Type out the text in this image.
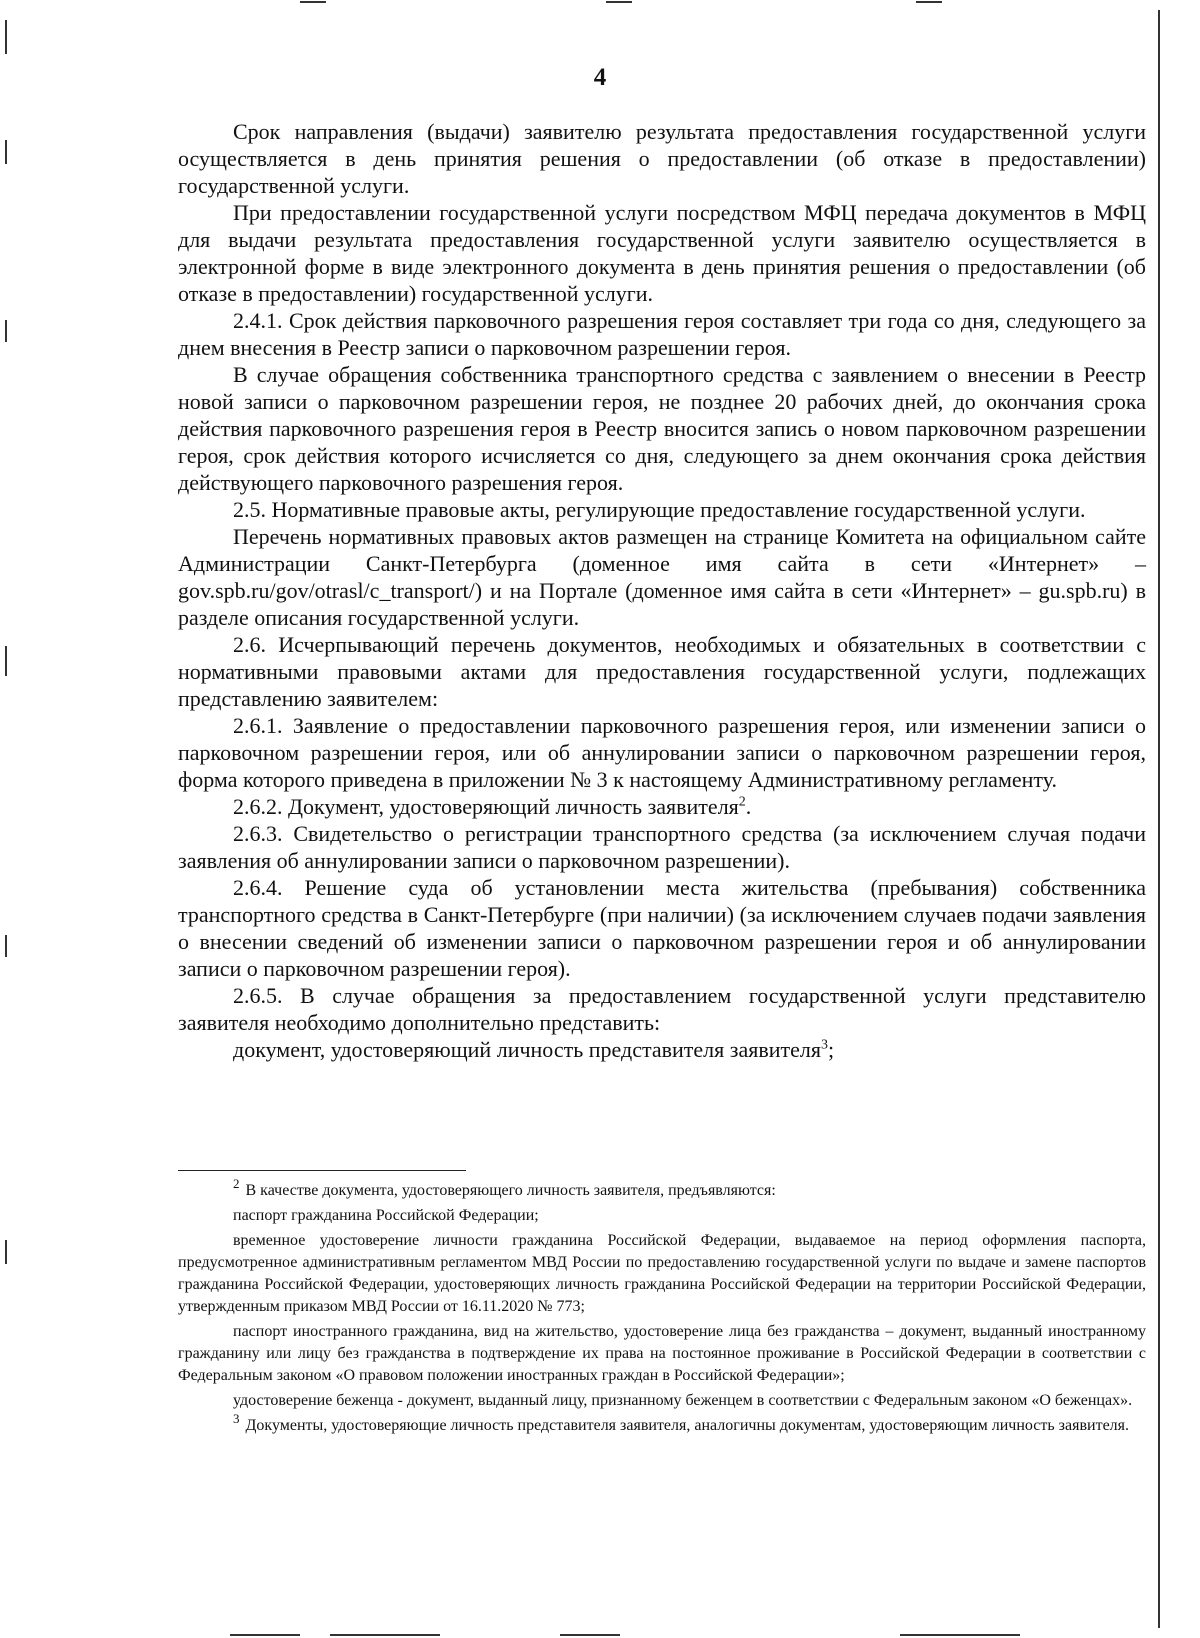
4

Срок направления (выдачи) заявителю результата предоставления государственной услуги осуществляется в день принятия решения о предоставлении (об отказе в предоставлении) государственной услуги.

При предоставлении государственной услуги посредством МФЦ передача документов в МФЦ для выдачи результата предоставления государственной услуги заявителю осуществляется в электронной форме в виде электронного документа в день принятия решения о предоставлении (об отказе в предоставлении) государственной услуги.

2.4.1. Срок действия парковочного разрешения героя составляет три года со дня, следующего за днем внесения в Реестр записи о парковочном разрешении героя.

В случае обращения собственника транспортного средства с заявлением о внесении в Реестр новой записи о парковочном разрешении героя, не позднее 20 рабочих дней, до окончания срока действия парковочного разрешения героя в Реестр вносится запись о новом парковочном разрешении героя, срок действия которого исчисляется со дня, следующего за днем окончания срока действия действующего парковочного разрешения героя.

2.5. Нормативные правовые акты, регулирующие предоставление государственной услуги.

Перечень нормативных правовых актов размещен на странице Комитета на официальном сайте Администрации Санкт-Петербурга (доменное имя сайта в сети «Интернет» – gov.spb.ru/gov/otrasl/c_transport/) и на Портале (доменное имя сайта в сети «Интернет» – gu.spb.ru) в разделе описания государственной услуги.

2.6. Исчерпывающий перечень документов, необходимых и обязательных в соответствии с нормативными правовыми актами для предоставления государственной услуги, подлежащих представлению заявителем:

2.6.1. Заявление о предоставлении парковочного разрешения героя, или изменении записи о парковочном разрешении героя, или об аннулировании записи о парковочном разрешении героя, форма которого приведена в приложении № 3 к настоящему Административному регламенту.

2.6.2. Документ, удостоверяющий личность заявителя$^2$.

2.6.3. Свидетельство о регистрации транспортного средства (за исключением случая подачи заявления об аннулировании записи о парковочном разрешении).

2.6.4. Решение суда об установлении места жительства (пребывания) собственника транспортного средства в Санкт-Петербурге (при наличии) (за исключением случаев подачи заявления о внесении сведений об изменении записи о парковочном разрешении героя и об аннулировании записи о парковочном разрешении героя).

2.6.5. В случае обращения за предоставлением государственной услуги представителю заявителя необходимо дополнительно представить:

документ, удостоверяющий личность представителя заявителя$^3$;

$^2$ В качестве документа, удостоверяющего личность заявителя, предъявляются:

паспорт гражданина Российской Федерации;

временное удостоверение личности гражданина Российской Федерации, выдаваемое на период оформления паспорта, предусмотренное административным регламентом МВД России по предоставлению государственной услуги по выдаче и замене паспортов гражданина Российской Федерации, удостоверяющих личность гражданина Российской Федерации на территории Российской Федерации, утвержденным приказом МВД России от 16.11.2020 № 773;

паспорт иностранного гражданина, вид на жительство, удостоверение лица без гражданства – документ, выданный иностранному гражданину или лицу без гражданства в подтверждение их права на постоянное проживание в Российской Федерации в соответствии с Федеральным законом «О правовом положении иностранных граждан в Российской Федерации»;

удостоверение беженца - документ, выданный лицу, признанному беженцем в соответствии с Федеральным законом «О беженцах».

$^3$ Документы, удостоверяющие личность представителя заявителя, аналогичны документам, удостоверяющим личность заявителя.
